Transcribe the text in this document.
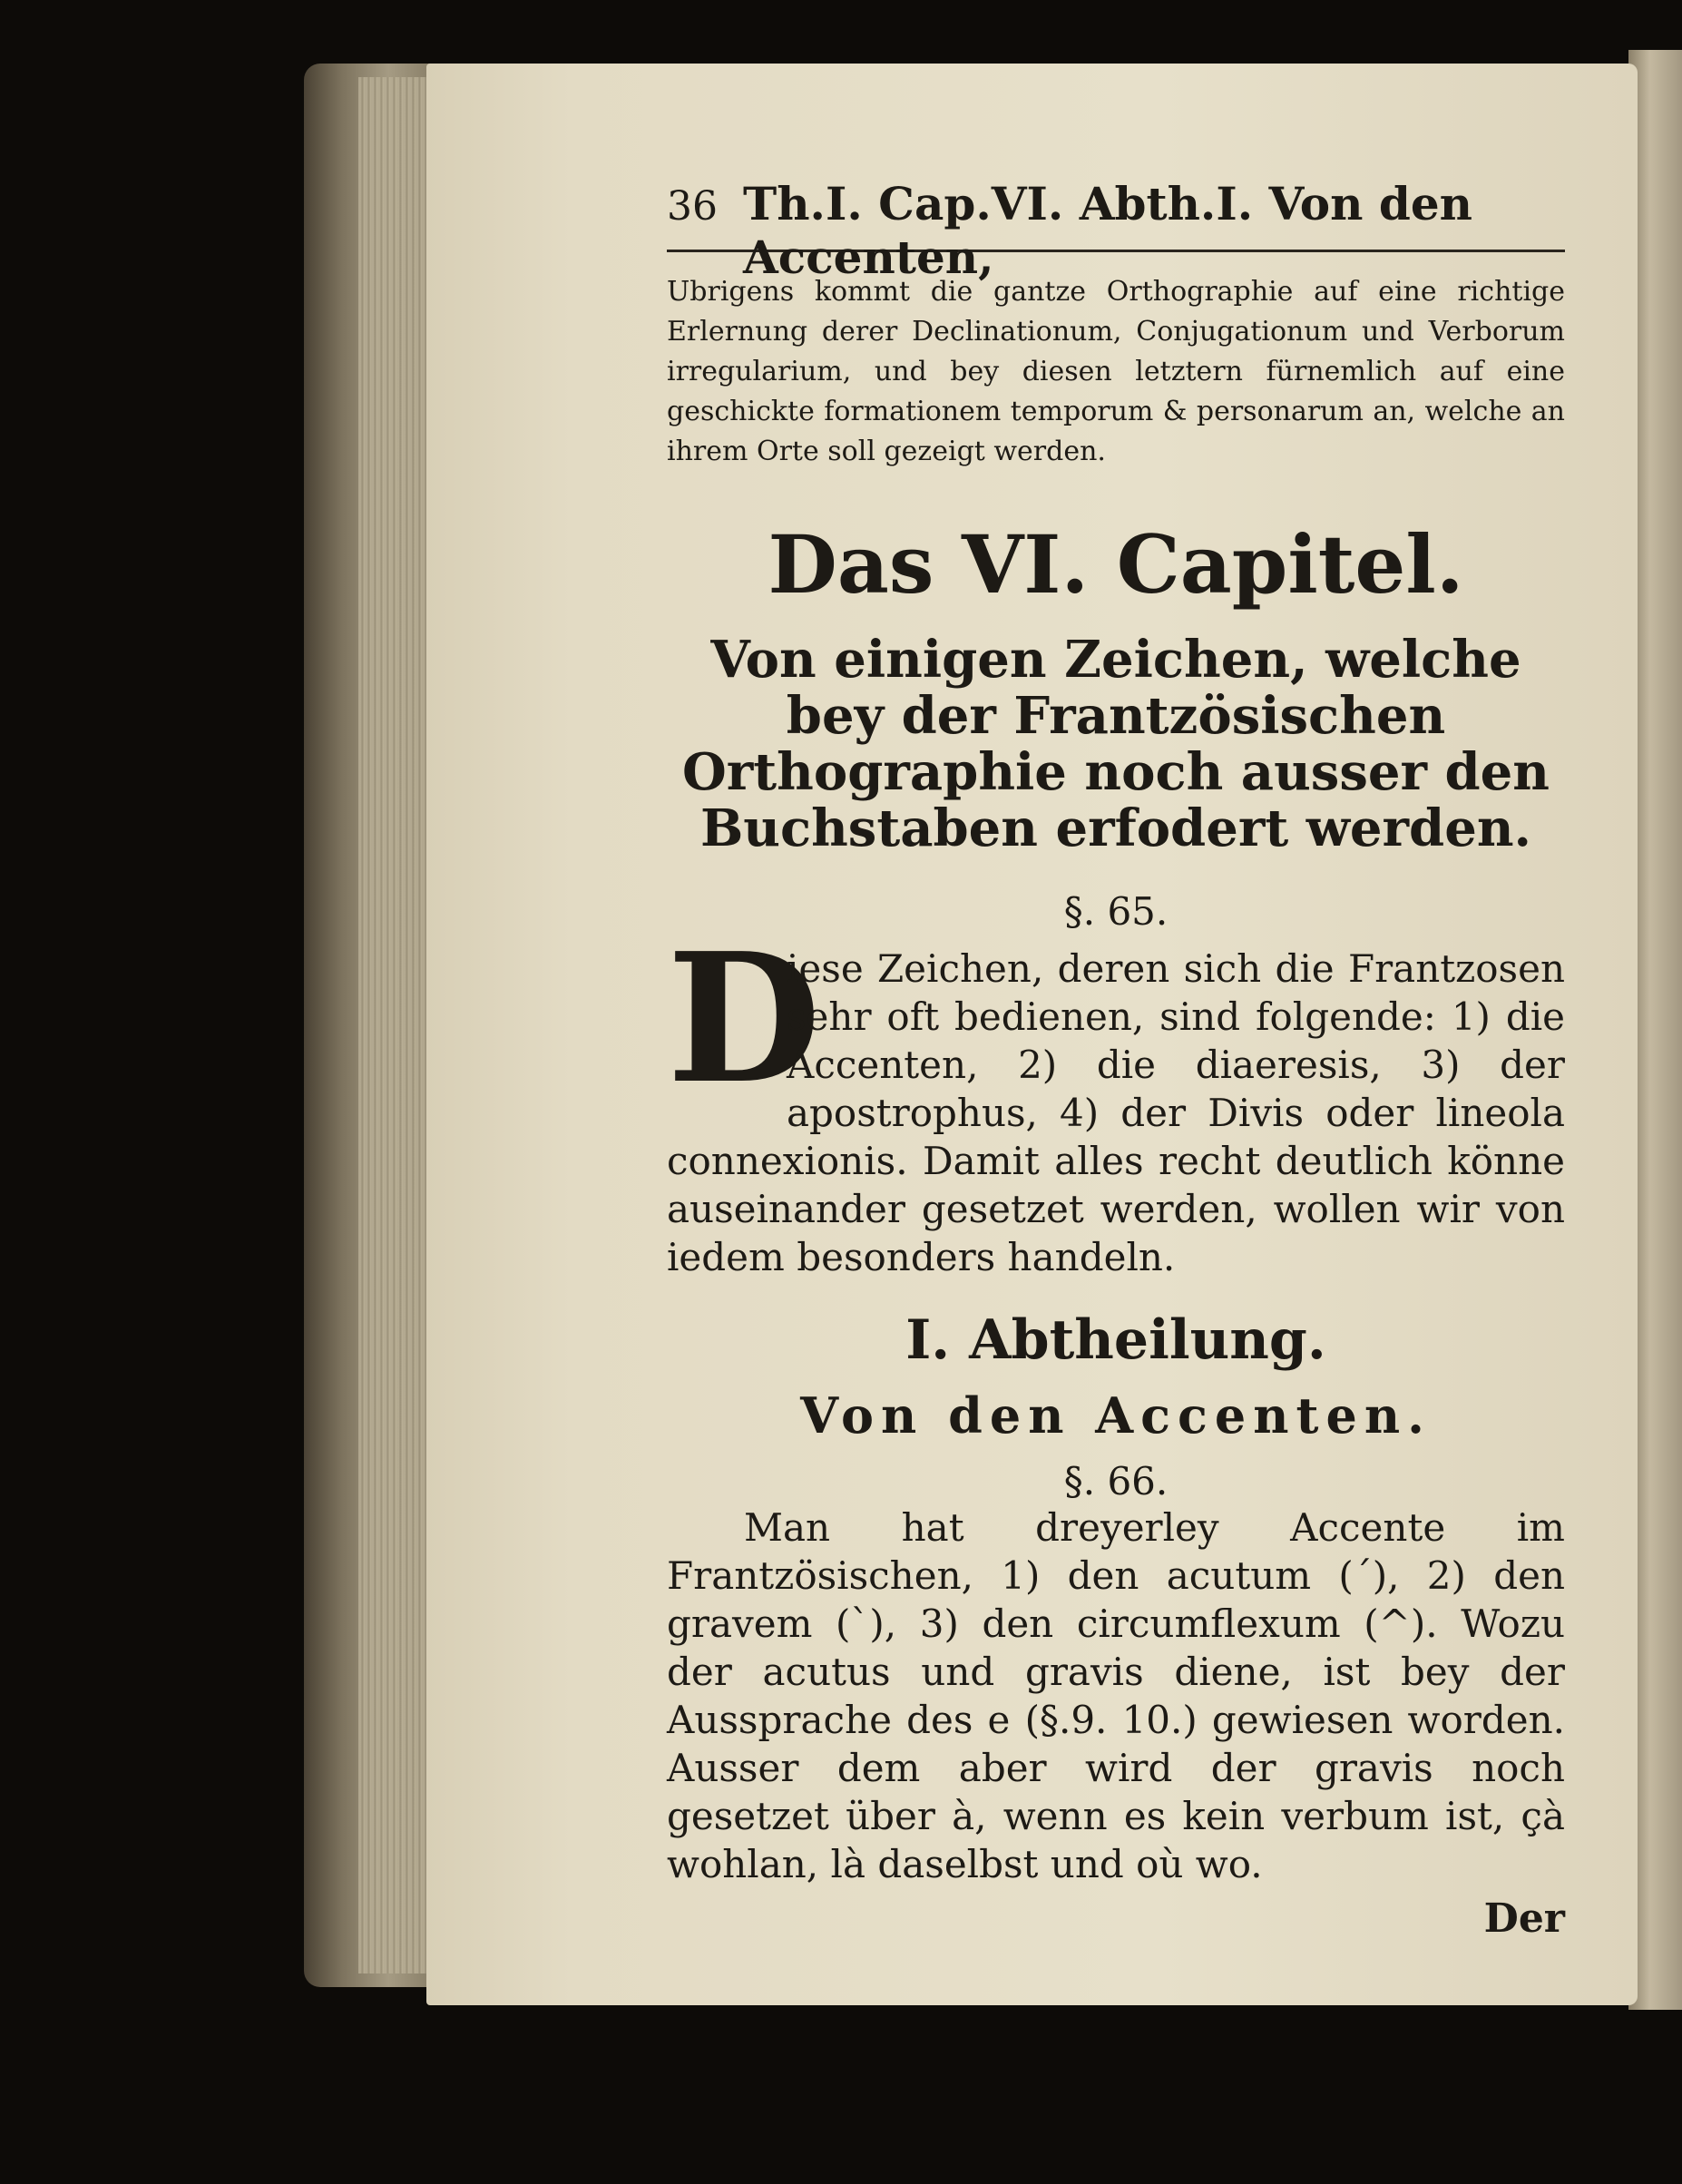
36 Th.I. Cap.VI. Abth.I. Von den Accenten,
Ubrigens kommt die gantze Orthographie auf eine richtige Erlernung derer Declinationum, Conjugationum und Verborum irregularium, und bey diesen letztern fürnemlich auf eine geschickte formationem temporum & personarum an, welche an ihrem Orte soll gezeigt werden.
Das VI. Capitel.
Von einigen Zeichen, welche bey der Frantzösischen Orthographie noch ausser den Buchstaben erfodert werden.
§. 65.
D
iese Zeichen, deren sich die Frantzosen sehr oft bedienen, sind folgende: 1) die Accenten, 2) die diaeresis, 3) der apostrophus, 4) der Divis oder lineola connexionis. Damit alles recht deutlich könne auseinander gesetzet werden, wollen wir von iedem besonders handeln.
I. Abtheilung.
Von den Accenten.
§. 66.
Man hat dreyerley Accente im Frantzösischen, 1) den acutum (´), 2) den gravem (`), 3) den circumflexum (^). Wozu der acutus und gravis diene, ist bey der Aussprache des e (§.9. 10.) gewiesen worden. Ausser dem aber wird der gravis noch gesetzet über à, wenn es kein verbum ist, çà wohlan, là daselbst und où wo.
Der
